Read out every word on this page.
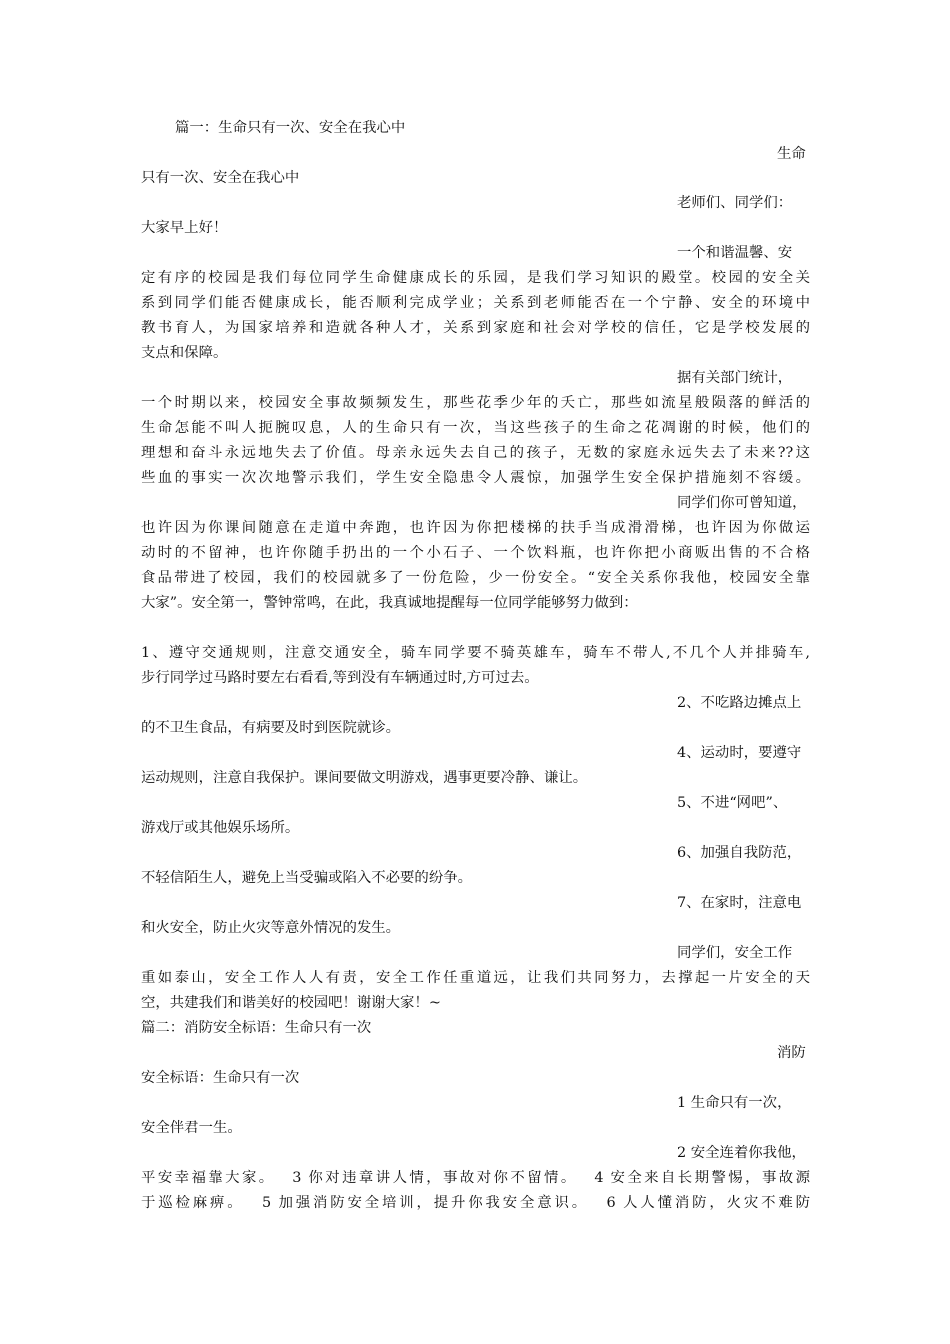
篇一：生命只有一次、安全在我心中
生命
只有一次、安全在我心中
老师们、同学们：
大家早上好！
一个和谐温馨、安
定有序的校园是我们每位同学生命健康成长的乐园，是我们学习知识的殿堂。校园的安全关
系到同学们能否健康成长，能否顺利完成学业；关系到老师能否在一个宁静、安全的环境中
教书育人，为国家培养和造就各种人才，关系到家庭和社会对学校的信任，它是学校发展的
支点和保障。
据有关部门统计，
一个时期以来，校园安全事故频频发生，那些花季少年的夭亡，那些如流星般陨落的鲜活的
生命怎能不叫人扼腕叹息，人的生命只有一次，当这些孩子的生命之花凋谢的时候，他们的
理想和奋斗永远地失去了价值。母亲永远失去自己的孩子，无数的家庭永远失去了未来??这
些血的事实一次次地警示我们，学生安全隐患令人震惊，加强学生安全保护措施刻不容缓。
同学们你可曾知道，
也许因为你课间随意在走道中奔跑，也许因为你把楼梯的扶手当成滑滑梯，也许因为你做运
动时的不留神，也许你随手扔出的一个小石子、一个饮料瓶，也许你把小商贩出售的不合格
食品带进了校园，我们的校园就多了一份危险，少一份安全。“安全关系你我他，校园安全靠
大家”。安全第一，警钟常鸣，在此，我真诚地提醒每一位同学能够努力做到：
1、遵守交通规则，注意交通安全，骑车同学要不骑英雄车，骑车不带人,不几个人并排骑车,
步行同学过马路时要左右看看,等到没有车辆通过时,方可过去。
2、不吃路边摊点上
的不卫生食品，有病要及时到医院就诊。
4、运动时，要遵守
运动规则，注意自我保护。课间要做文明游戏，遇事更要冷静、谦让。
5、不进“网吧”、
游戏厅或其他娱乐场所。
6、加强自我防范，
不轻信陌生人，避免上当受骗或陷入不必要的纷争。
7、在家时，注意电
和火安全，防止火灾等意外情况的发生。
同学们，安全工作
重如泰山，安全工作人人有责，安全工作任重道远，让我们共同努力，去撑起一片安全的天
空，共建我们和谐美好的校园吧！谢谢大家！~
篇二：消防安全标语：生命只有一次
消防
安全标语：生命只有一次
1 生命只有一次，
安全伴君一生。
2 安全连着你我他，
平安幸福靠大家。　 3 你对违章讲人情，事故对你不留情。　 4 安全来自长期警惕，事故源
于巡检麻痹。　 5 加强消防安全培训，提升你我安全意识。　 6 人人懂消防，火灾不难防
